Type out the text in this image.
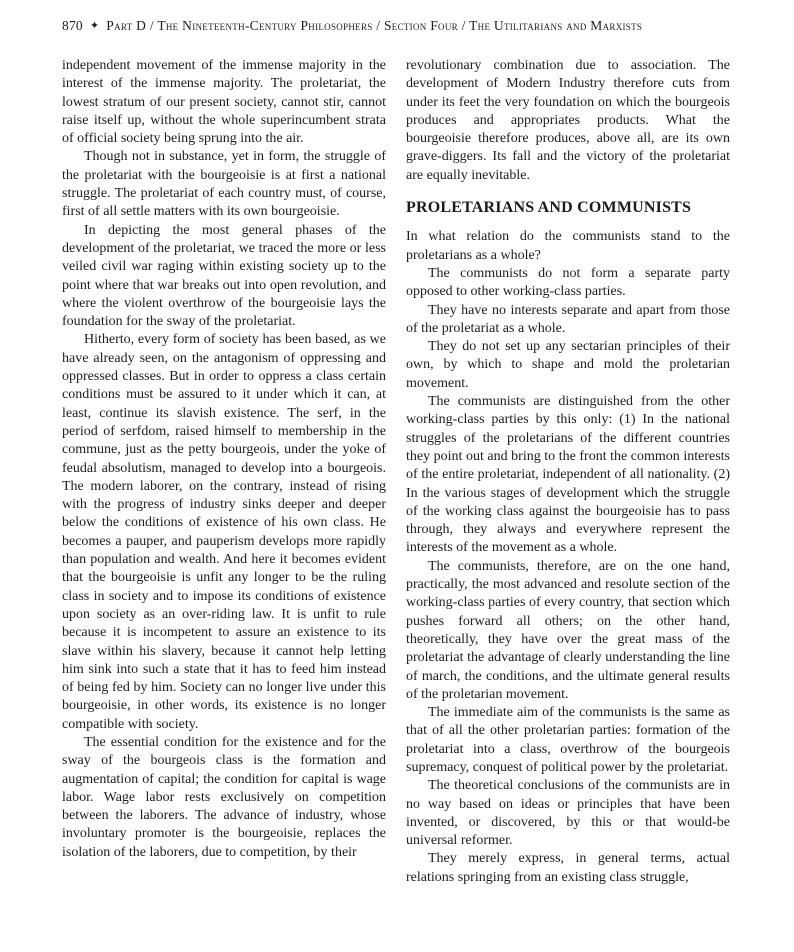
870 ✦ Part D / The Nineteenth-Century Philosophers / Section Four / The Utilitarians and Marxists

independent movement of the immense majority in the interest of the immense majority. The proletariat, the lowest stratum of our present society, cannot stir, cannot raise itself up, without the whole superincumbent strata of official society being sprung into the air.

Though not in substance, yet in form, the struggle of the proletariat with the bourgeoisie is at first a national struggle. The proletariat of each country must, of course, first of all settle matters with its own bourgeoisie.

In depicting the most general phases of the development of the proletariat, we traced the more or less veiled civil war raging within existing society up to the point where that war breaks out into open revolution, and where the violent overthrow of the bourgeoisie lays the foundation for the sway of the proletariat.

Hitherto, every form of society has been based, as we have already seen, on the antagonism of oppressing and oppressed classes. But in order to oppress a class certain conditions must be assured to it under which it can, at least, continue its slavish existence. The serf, in the period of serfdom, raised himself to membership in the commune, just as the petty bourgeois, under the yoke of feudal absolutism, managed to develop into a bourgeois. The modern laborer, on the contrary, instead of rising with the progress of industry sinks deeper and deeper below the conditions of existence of his own class. He becomes a pauper, and pauperism develops more rapidly than population and wealth. And here it becomes evident that the bourgeoisie is unfit any longer to be the ruling class in society and to impose its conditions of existence upon society as an over-riding law. It is unfit to rule because it is incompetent to assure an existence to its slave within his slavery, because it cannot help letting him sink into such a state that it has to feed him instead of being fed by him. Society can no longer live under this bourgeoisie, in other words, its existence is no longer compatible with society.

The essential condition for the existence and for the sway of the bourgeois class is the formation and augmentation of capital; the condition for capital is wage labor. Wage labor rests exclusively on competition between the laborers. The advance of industry, whose involuntary promoter is the bourgeoisie, replaces the isolation of the laborers, due to competition, by their

revolutionary combination due to association. The development of Modern Industry therefore cuts from under its feet the very foundation on which the bourgeois produces and appropriates products. What the bourgeoisie therefore produces, above all, are its own grave-diggers. Its fall and the victory of the proletariat are equally inevitable.

PROLETARIANS AND COMMUNISTS

In what relation do the communists stand to the proletarians as a whole?

The communists do not form a separate party opposed to other working-class parties.

They have no interests separate and apart from those of the proletariat as a whole.

They do not set up any sectarian principles of their own, by which to shape and mold the proletarian movement.

The communists are distinguished from the other working-class parties by this only: (1) In the national struggles of the proletarians of the different countries they point out and bring to the front the common interests of the entire proletariat, independent of all nationality. (2) In the various stages of development which the struggle of the working class against the bourgeoisie has to pass through, they always and everywhere represent the interests of the movement as a whole.

The communists, therefore, are on the one hand, practically, the most advanced and resolute section of the working-class parties of every country, that section which pushes forward all others; on the other hand, theoretically, they have over the great mass of the proletariat the advantage of clearly understanding the line of march, the conditions, and the ultimate general results of the proletarian movement.

The immediate aim of the communists is the same as that of all the other proletarian parties: formation of the proletariat into a class, overthrow of the bourgeois supremacy, conquest of political power by the proletariat.

The theoretical conclusions of the communists are in no way based on ideas or principles that have been invented, or discovered, by this or that would-be universal reformer.

They merely express, in general terms, actual relations springing from an existing class struggle,
